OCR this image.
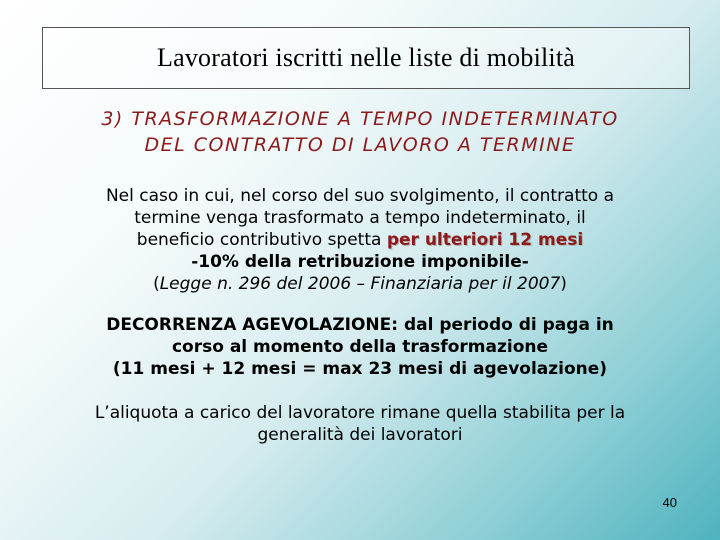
Lavoratori iscritti nelle liste di mobilità
3) TRASFORMAZIONE A TEMPO INDETERMINATO
DEL CONTRATTO DI LAVORO A TERMINE
Nel caso in cui, nel corso del suo svolgimento, il contratto a
termine venga trasformato a tempo indeterminato, il
beneficio contributivo spetta per ulteriori 12 mesi
-10% della retribuzione imponibile-
(Legge n. 296 del 2006 – Finanziaria per il 2007)
DECORRENZA AGEVOLAZIONE: dal periodo di paga in
corso al momento della trasformazione
(11 mesi + 12 mesi = max 23 mesi di agevolazione)
L’aliquota a carico del lavoratore rimane quella stabilita per la
generalità dei lavoratori
40
